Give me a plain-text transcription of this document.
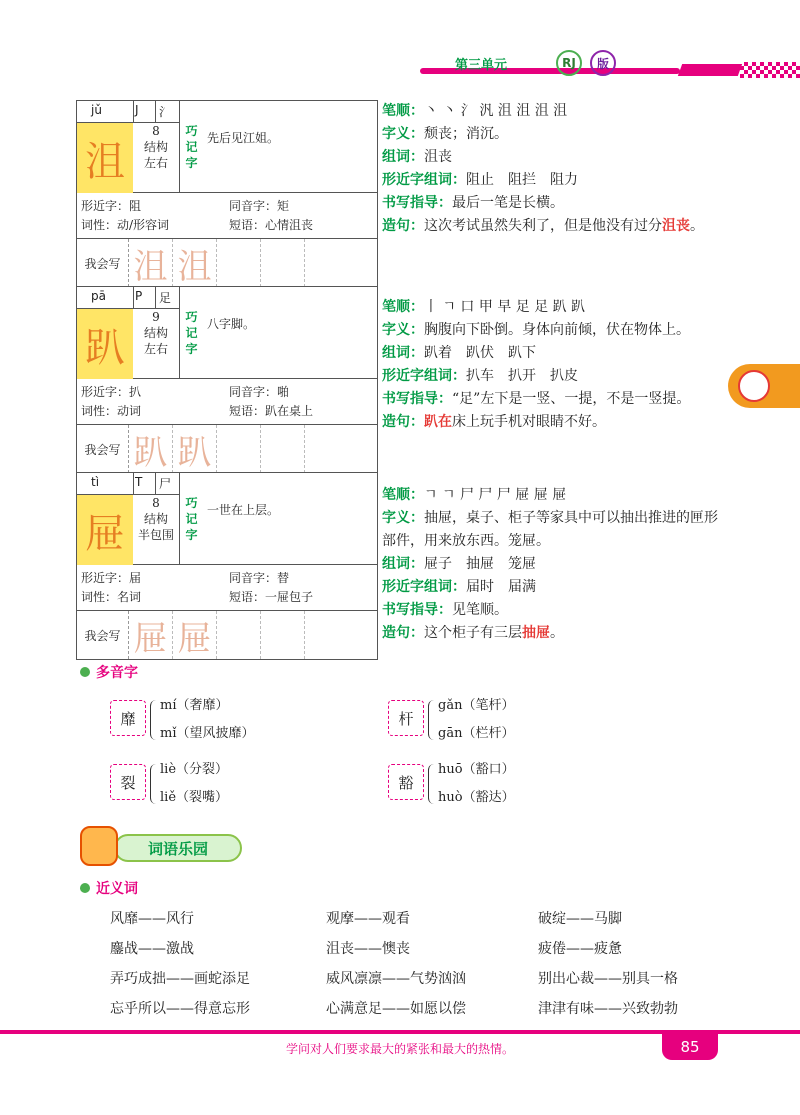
第三单元	RJ	版
jǔ	J 氵
沮
8
结构
左右
巧
记
字
先后见江姐。
形近字：阻
词性：动/形容词
同音字：矩
短语：心情沮丧
我会写 沮 沮
笔顺：丶 丶 氵 汎 沮 沮 沮 沮
字义：颓丧；消沉。
组词：沮丧
形近字组词：阻止　阻拦　阻力
书写指导：最后一笔是长横。
造句：这次考试虽然失利了，但是他没有过分沮丧。
pā P 足
趴
9
结构
左右
巧
记
字
八字脚。
形近字：扒
词性：动词
同音字：啪
短语：趴在桌上
我会写 趴 趴
笔顺：丨 ㄱ 口 甲 早 足 足 趴 趴
字义：胸腹向下卧倒。身体向前倾，伏在物体上。
组词：趴着　趴伏　趴下
形近字组词：扒车　扒开　扒皮
书写指导：“足”左下是一竖、一提，不是一竖提。
造句：趴在床上玩手机对眼睛不好。
tì	T 尸
屉
8
结构
半包围
巧
记
字
一世在上层。
形近字：届
词性：名词
同音字：替
短语：一屉包子
我会写 屉 屉
笔顺：ㄱ ㄱ 尸 尸 尸 屉 屉 屉
字义：抽屉，桌子、柜子等家具中可以抽出推进的匣形部件，用来放东西。笼屉。
组词：屉子　抽屉　笼屉
形近字组词：届时　届满
书写指导：见笔顺。
造句：这个柜子有三层抽屉。
多音字
靡
mí（奢靡）
mǐ（望风披靡）
杆
gǎn（笔杆）
gān（栏杆）
裂
liè（分裂）
liě（裂嘴）
豁
huō（豁口）
huò（豁达）
词语乐园
近义词
风靡——风行	观摩——观看	破绽——马脚
鏖战——激战	沮丧——懊丧	疲倦——疲惫
弄巧成拙——画蛇添足	威风凛凛——气势汹汹	别出心裁——别具一格
忘乎所以——得意忘形	心满意足——如愿以偿	津津有味——兴致勃勃
学问对人们要求最大的紧张和最大的热情。	85
